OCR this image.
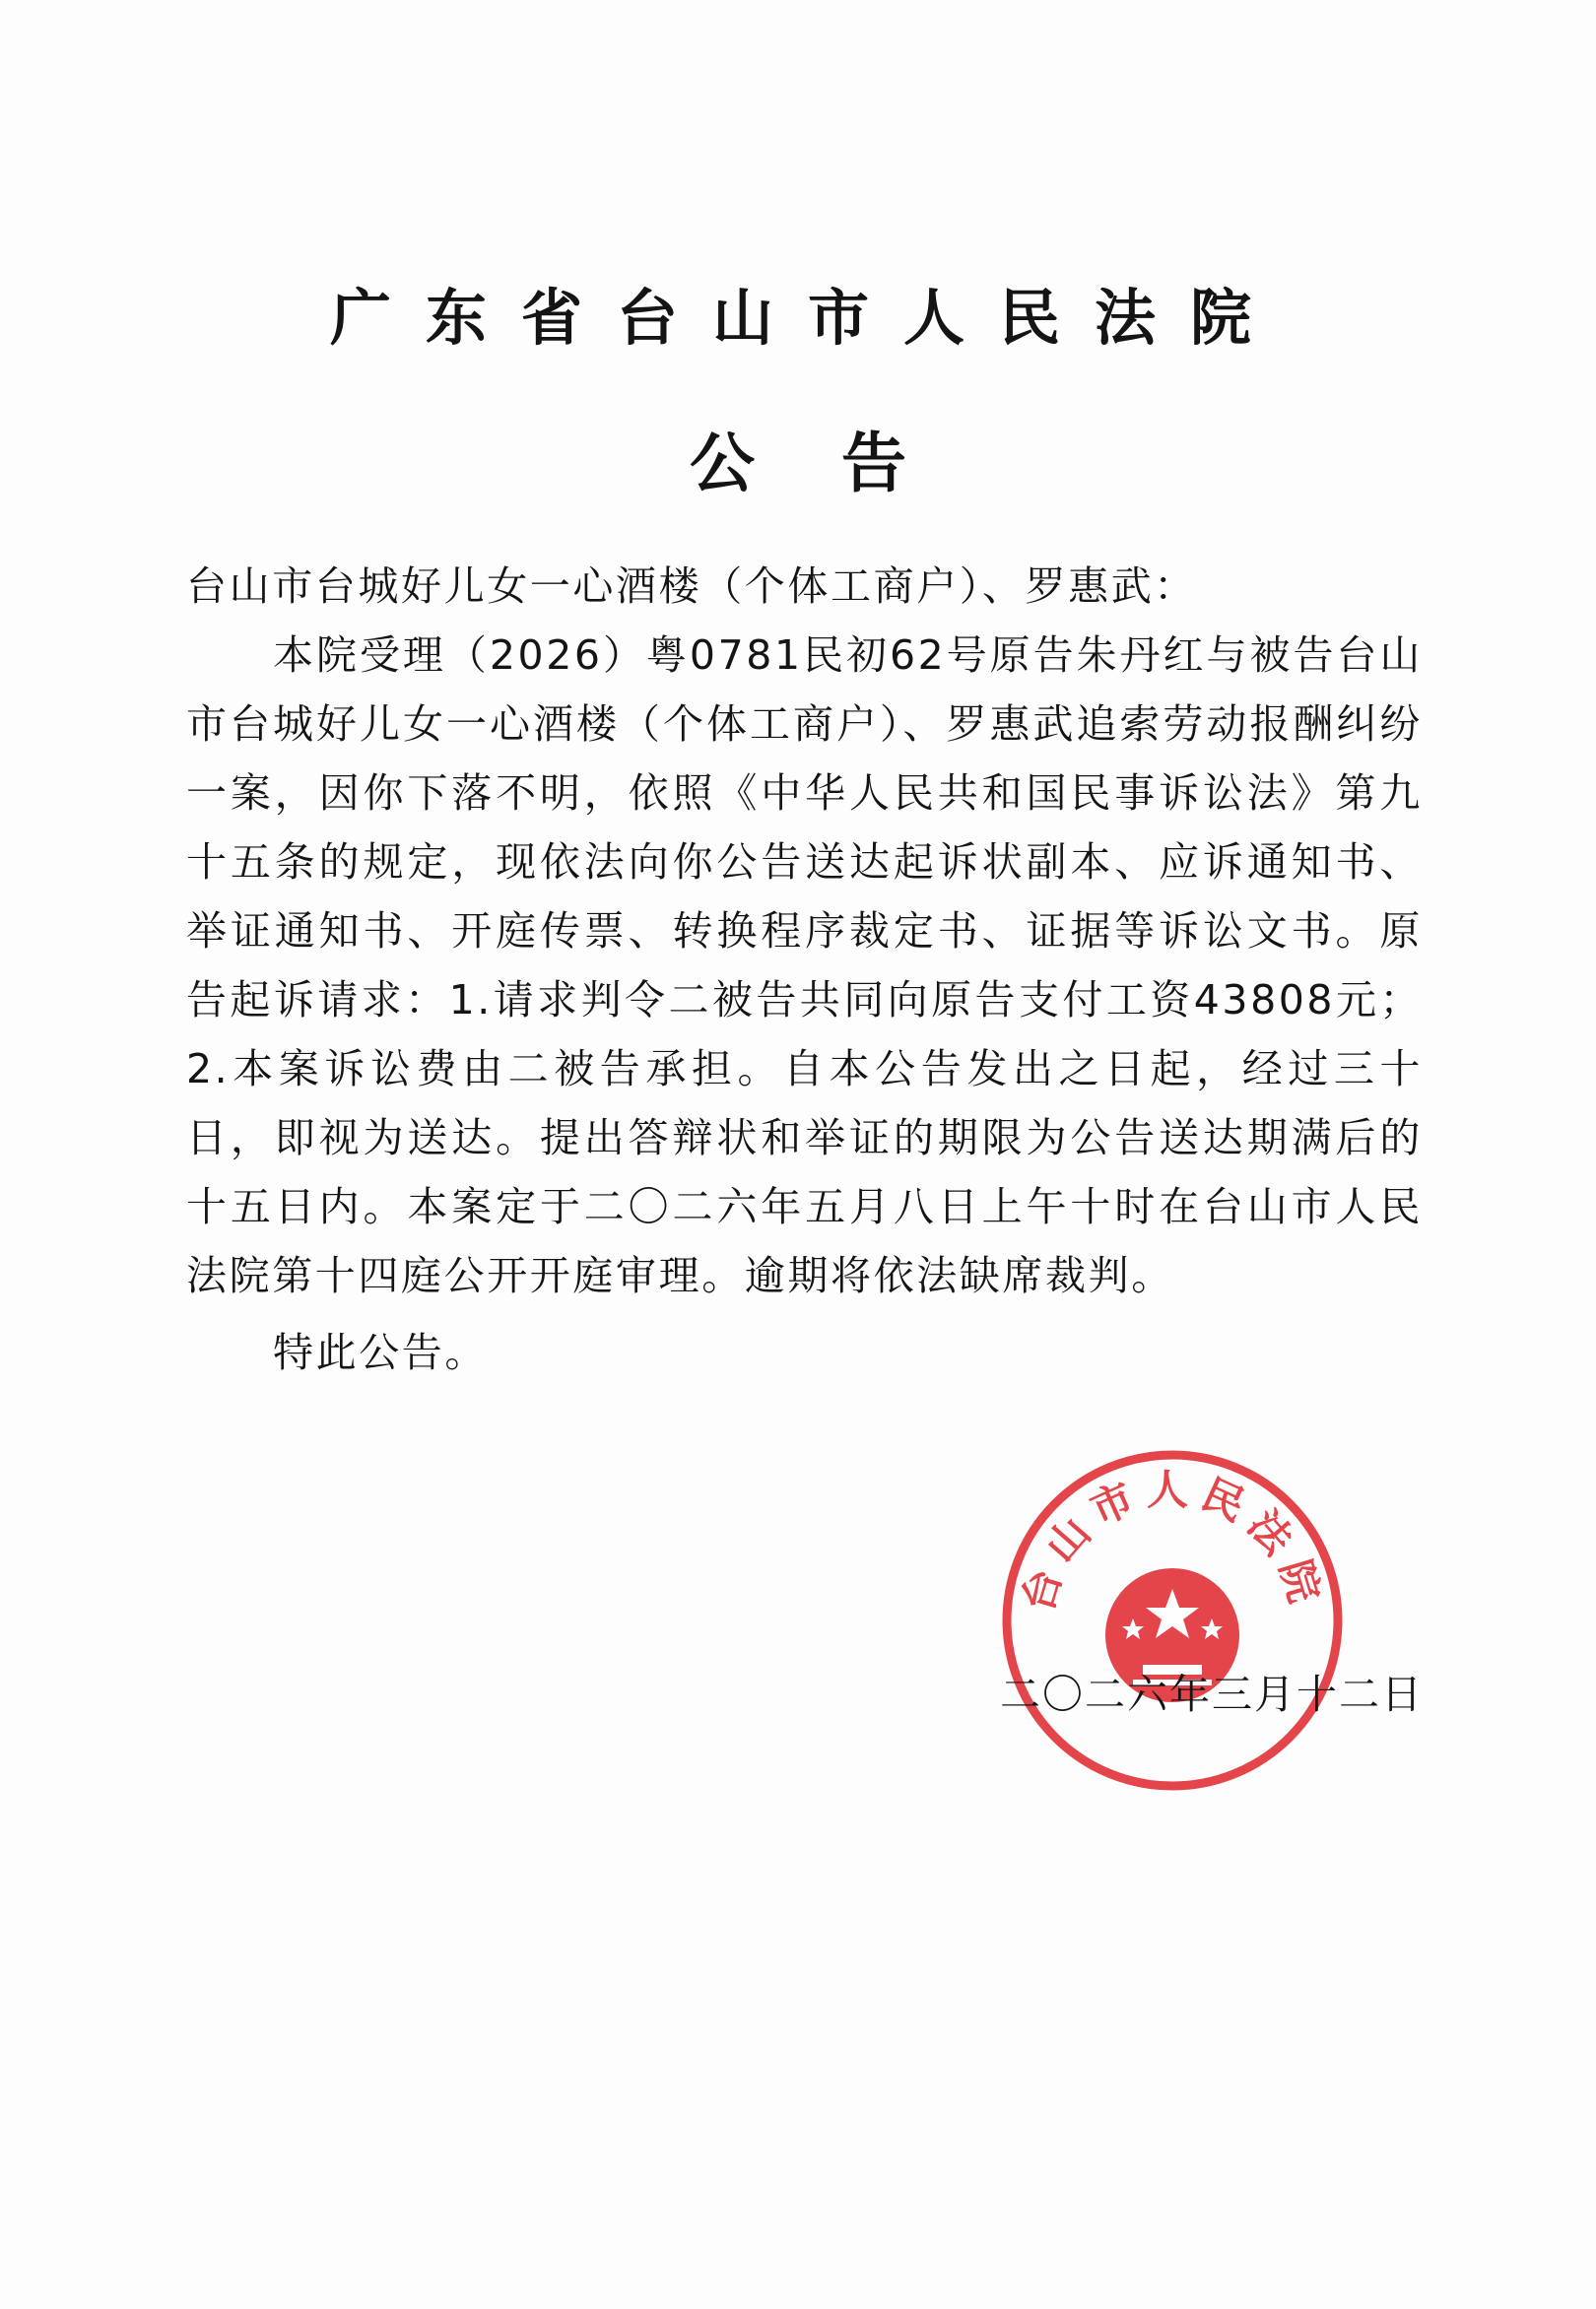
广东省台山市人民法院
公告

台山市台城好儿女一心酒楼（个体工商户）、罗惠武：

本院受理（2026）粤0781民初62号原告朱丹红与被告台山市台城好儿女一心酒楼（个体工商户）、罗惠武追索劳动报酬纠纷一案，因你下落不明，依照《中华人民共和国民事诉讼法》第九十五条的规定，现依法向你公告送达起诉状副本、应诉通知书、举证通知书、开庭传票、转换程序裁定书、证据等诉讼文书。原告起诉请求：1.请求判令二被告共同向原告支付工资43808元；2.本案诉讼费由二被告承担。自本公告发出之日起，经过三十日，即视为送达。提出答辩状和举证的期限为公告送达期满后的十五日内。本案定于二〇二六年五月八日上午十时在台山市人民法院第十四庭公开开庭审理。逾期将依法缺席裁判。

特此公告。

台山市人民法院
二〇二六年三月十二日
